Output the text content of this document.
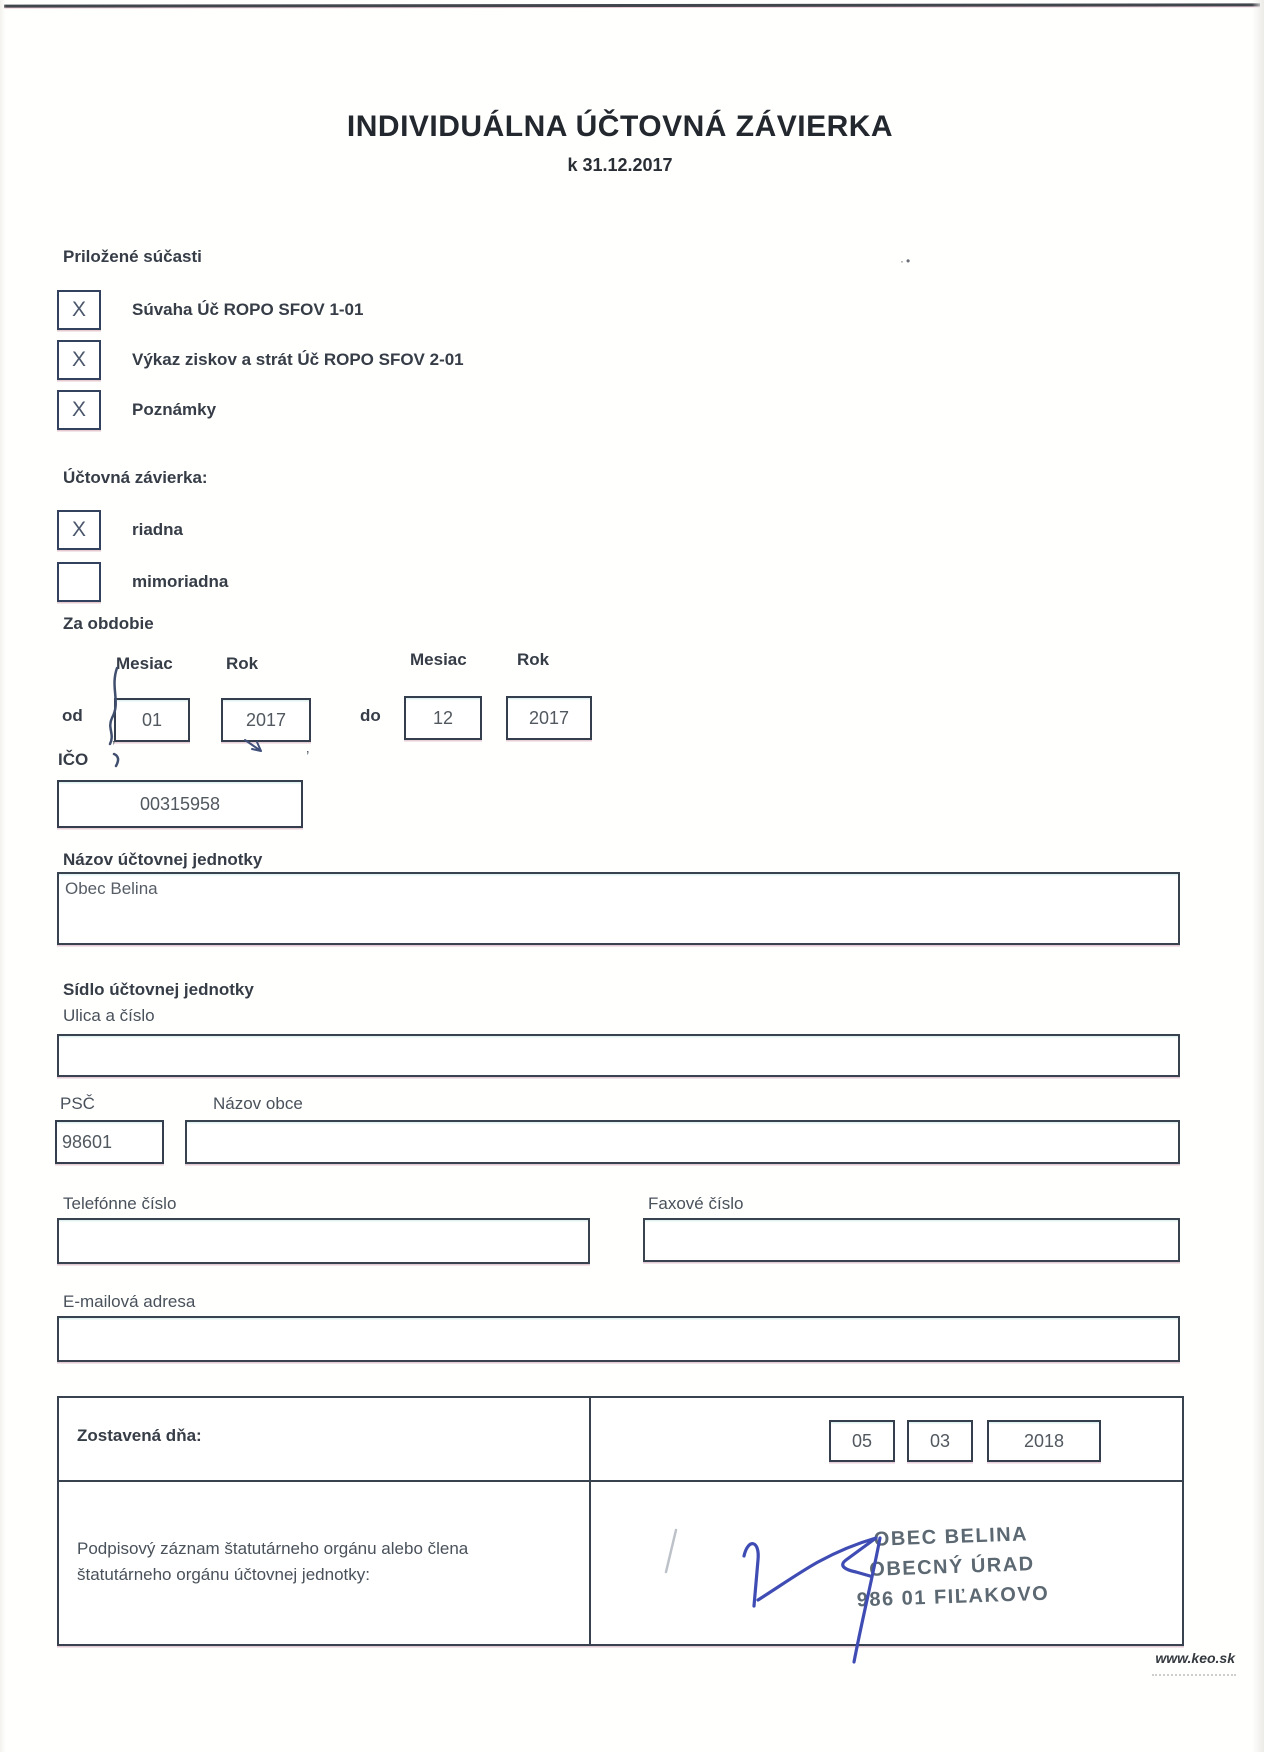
INDIVIDUÁLNA ÚČTOVNÁ ZÁVIERKA
k 31.12.2017
·•
Priložené súčasti
X	Súvaha Úč ROPO SFOV 1-01
X	Výkaz ziskov a strát Úč ROPO SFOV 2-01
X	Poznámky
Účtovná závierka:
X	riadna
mimoriadna
Za obdobie
Mesiac	Rok	Mesiac	Rok
od	01	2017	do	12	2017
IČO
’
’
00315958
Názov účtovnej jednotky
Obec Belina
Sídlo účtovnej jednotky
Ulica a číslo
PSČ	Názov obce
98601
Telefónne číslo	Faxové číslo
E-mailová adresa
Zostavená dňa:	05	03	2018
Podpisový záznam štatutárneho orgánu alebo člena štatutárneho orgánu účtovnej jednotky:
OBEC BELINA
OBECNÝ ÚRAD
986 01 FIĽAKOVO
www.keo.sk
